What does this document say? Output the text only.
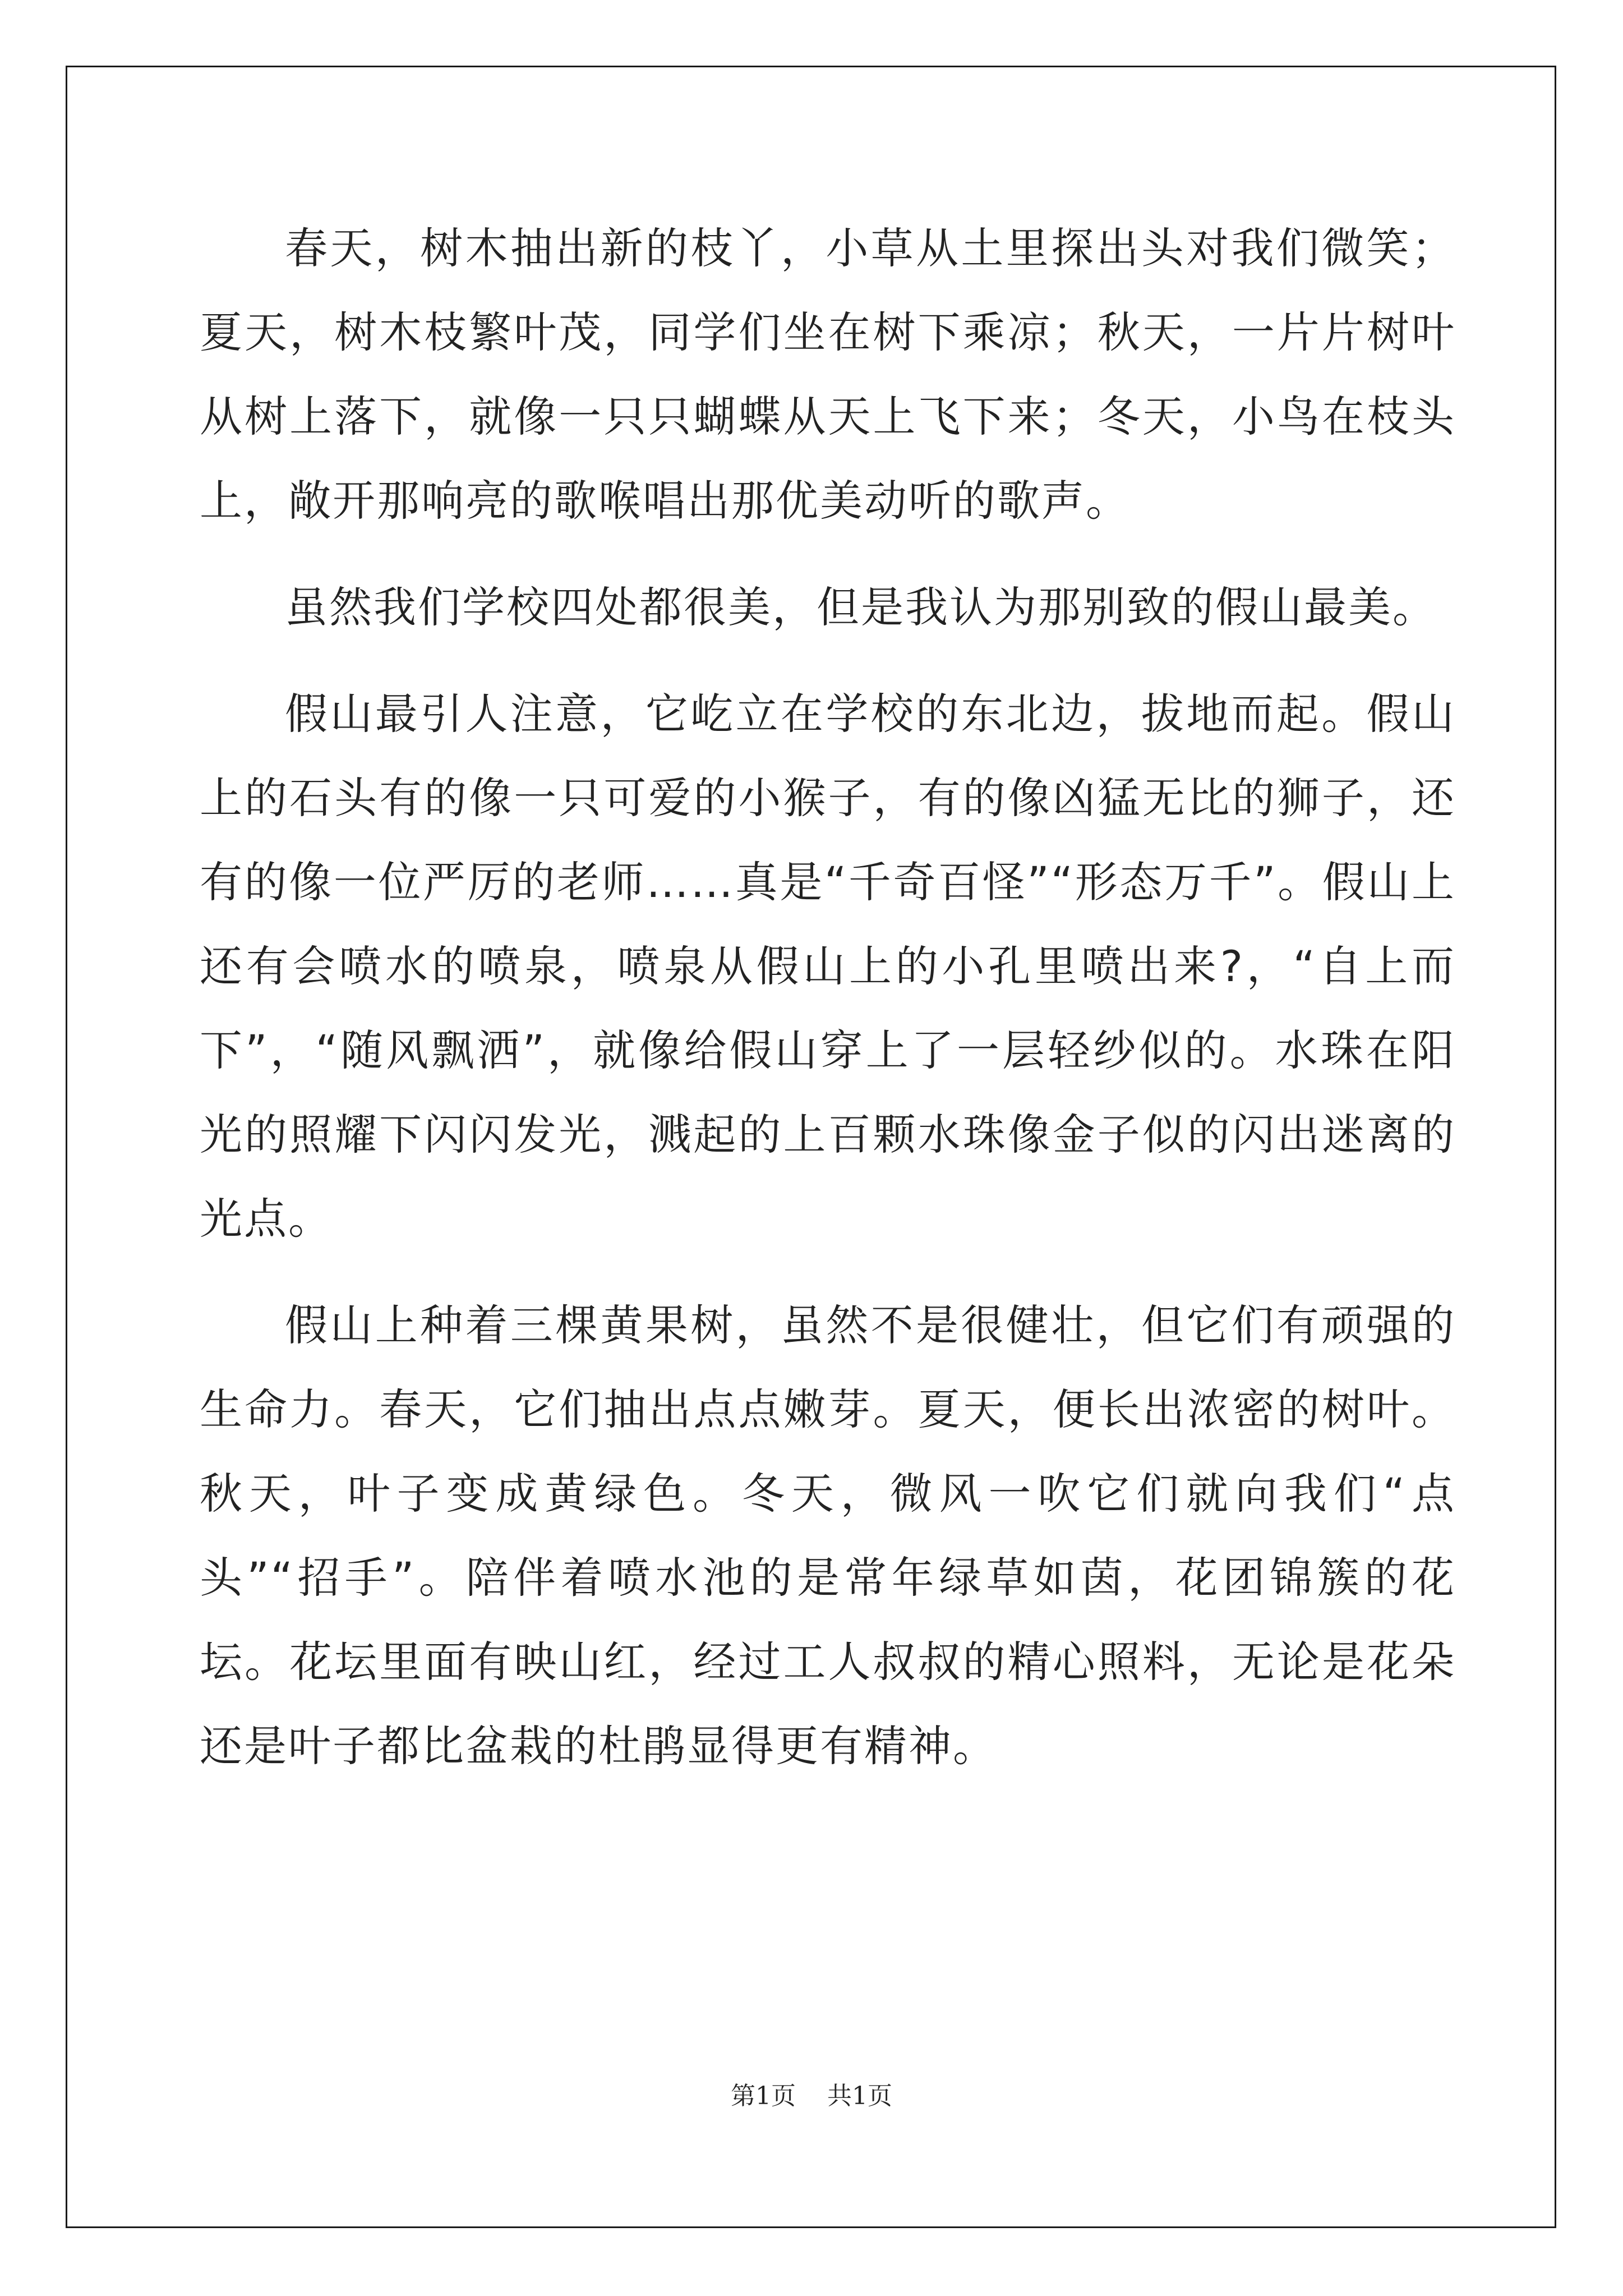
春天，树木抽出新的枝丫，小草从土里探出头对我们微笑；夏天，树木枝繁叶茂，同学们坐在树下乘凉；秋天，一片片树叶从树上落下，就像一只只蝴蝶从天上飞下来；冬天，小鸟在枝头上，敞开那响亮的歌喉唱出那优美动听的歌声。

虽然我们学校四处都很美，但是我认为那别致的假山最美。

假山最引人注意，它屹立在学校的东北边，拔地而起。假山上的石头有的像一只可爱的小猴子，有的像凶猛无比的狮子，还有的像一位严厉的老师……真是“千奇百怪”“形态万千”。假山上还有会喷水的喷泉，喷泉从假山上的小孔里喷出来?，“自上而下”，“随风飘洒”，就像给假山穿上了一层轻纱似的。水珠在阳光的照耀下闪闪发光，溅起的上百颗水珠像金子似的闪出迷离的光点。

假山上种着三棵黄果树，虽然不是很健壮，但它们有顽强的生命力。春天，它们抽出点点嫩芽。夏天，便长出浓密的树叶。秋天，叶子变成黄绿色。冬天，微风一吹它们就向我们“点头”“招手”。陪伴着喷水池的是常年绿草如茵，花团锦簇的花坛。花坛里面有映山红，经过工人叔叔的精心照料，无论是花朵还是叶子都比盆栽的杜鹃显得更有精神。

第1页    共1页
